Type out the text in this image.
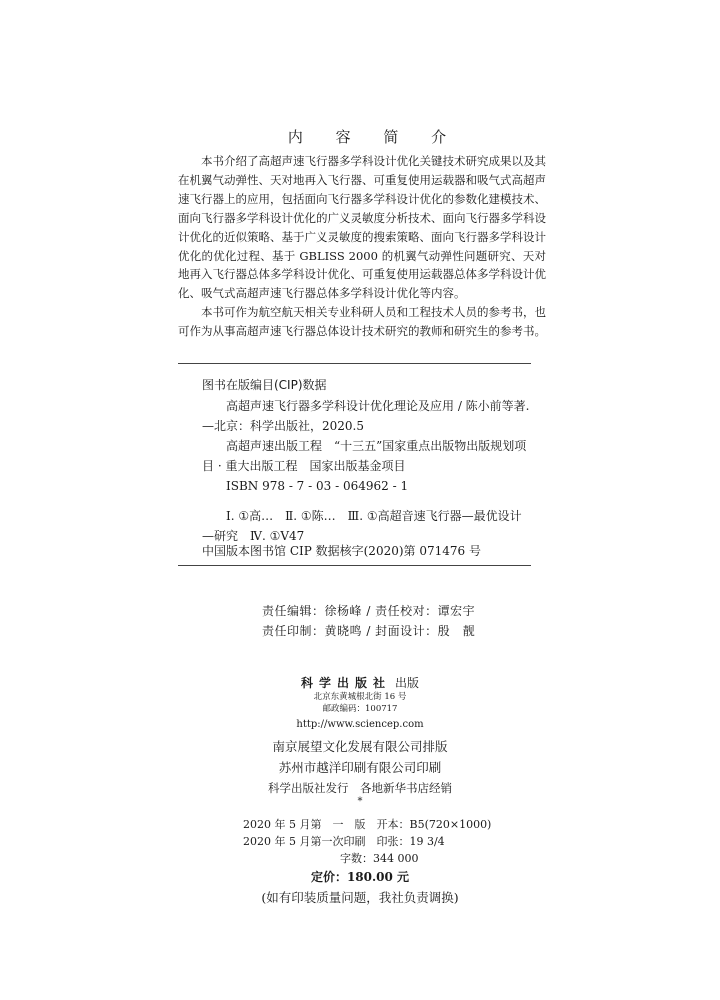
内 容 简 介

本书介绍了高超声速飞行器多学科设计优化关键技术研究成果以及其在机翼气动弹性、天对地再入飞行器、可重复使用运载器和吸气式高超声速飞行器上的应用，包括面向飞行器多学科设计优化的参数化建模技术、面向飞行器多学科设计优化的广义灵敏度分析技术、面向飞行器多学科设计优化的近似策略、基于广义灵敏度的搜索策略、面向飞行器多学科设计优化的优化过程、基于 GBLISS 2000 的机翼气动弹性问题研究、天对地再入飞行器总体多学科设计优化、可重复使用运载器总体多学科设计优化、吸气式高超声速飞行器总体多学科设计优化等内容。

本书可作为航空航天相关专业科研人员和工程技术人员的参考书，也可作为从事高超声速飞行器总体设计技术研究的教师和研究生的参考书。

图书在版编目(CIP)数据

高超声速飞行器多学科设计优化理论及应用 / 陈小前等著. —北京：科学出版社，2020.5

高超声速出版工程　“十三五”国家重点出版物出版规划项目 · 重大出版工程　国家出版基金项目

ISBN 978 - 7 - 03 - 064962 - 1

Ⅰ. ①高…　Ⅱ. ①陈…　Ⅲ. ①高超音速飞行器—最优设计—研究　Ⅳ. ①V47

中国版本图书馆 CIP 数据核字(2020)第 071476 号
责任编辑：徐杨峰 / 责任校对：谭宏宇
责任印制：黄晓鸣 / 封面设计：殷　靓
科学出版社 出版
北京东黄城根北街 16 号
邮政编码：100717
http://www.sciencep.com
南京展望文化发展有限公司排版
苏州市越洋印刷有限公司印刷
科学出版社发行　各地新华书店经销
*
2020 年 5 月第　一　版　开本：B5(720×1000)
2020 年 5 月第一次印刷　印张：19 3/4
字数：344 000
定价：180.00 元
(如有印装质量问题，我社负责调换)
